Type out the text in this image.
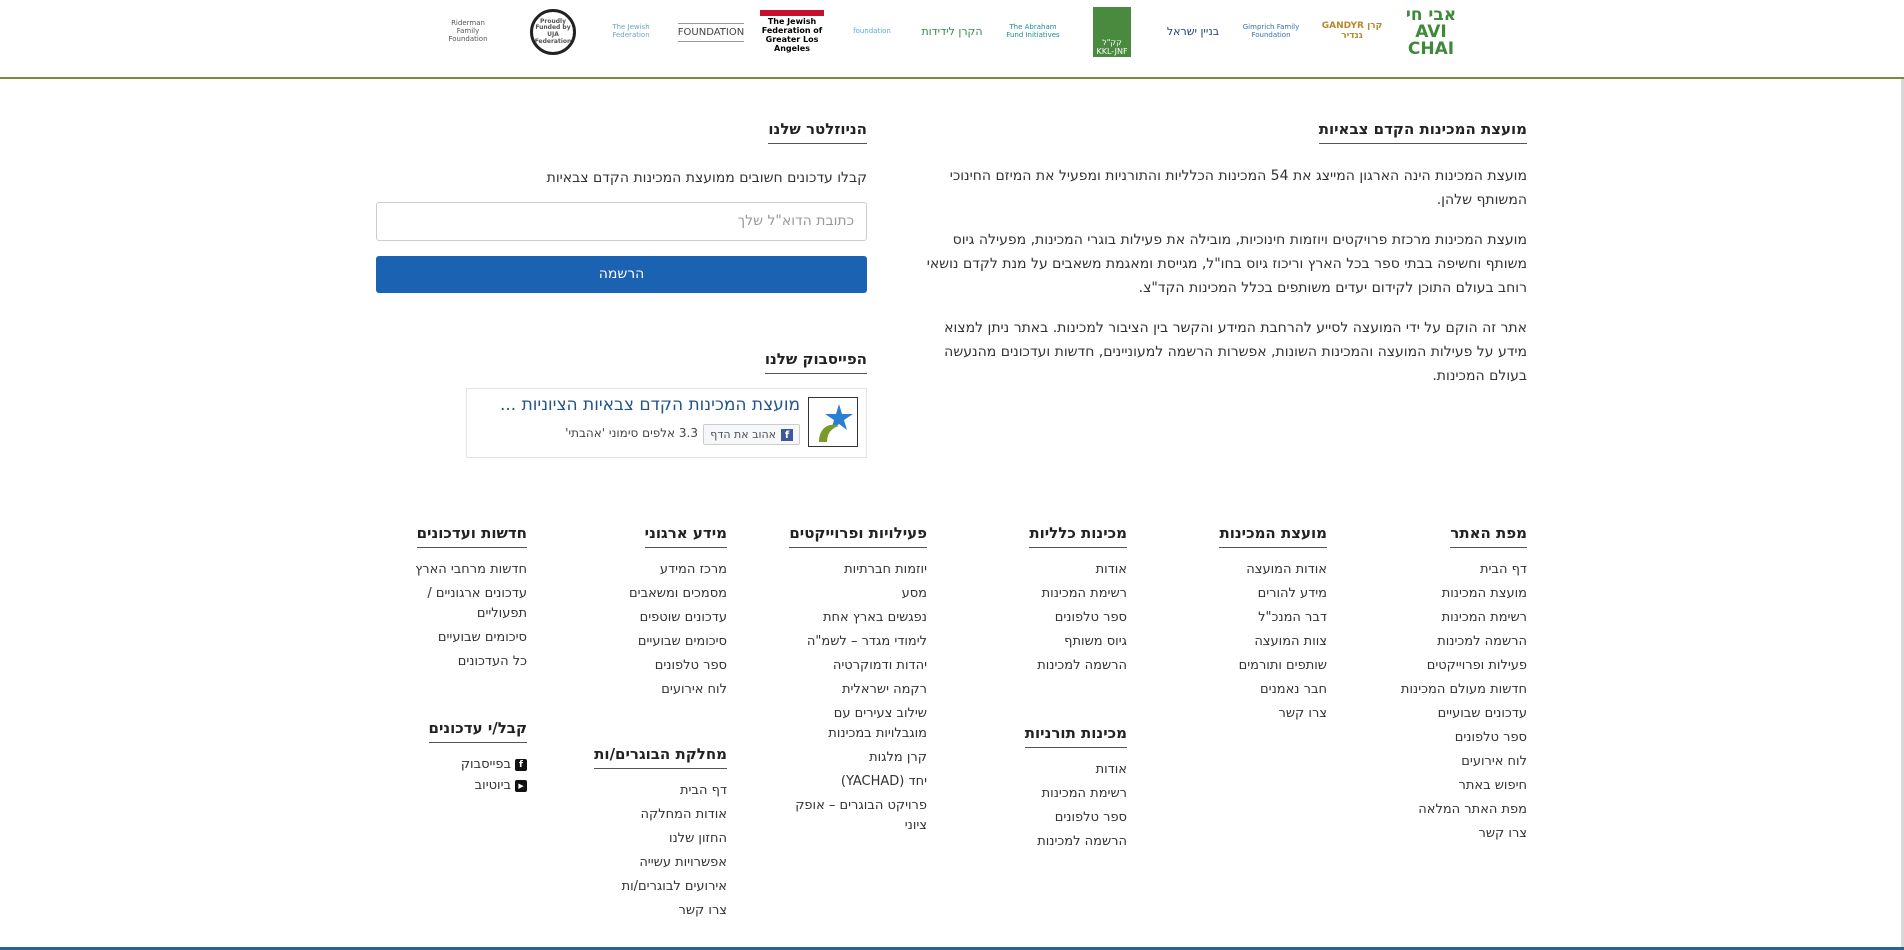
אבי חי AVI CHAI
GANDYR קרן גנדיר
Gimprich Family Foundation
בניין ישראל
קק"ל KKL-JNF
The Abraham Fund Initiatives
הקרן לידידות
foundation
The Jewish Federation of Greater Los Angeles
FOUNDATION
The Jewish Federation
Proudly Funded by UJA Federation
Riderman Family Foundation
מועצת המכינות הקדם צבאיות

מועצת המכינות הינה הארגון המייצג את 54 המכינות הכלליות והתורניות ומפעיל את המיזם החינוכי המשותף שלהן.

מועצת המכינות מרכזת פרויקטים ויוזמות חינוכיות, מובילה את פעילות בוגרי המכינות, מפעילה גיוס משותף וחשיפה בבתי ספר בכל הארץ וריכוז גיוס בחו"ל, מגייסת ומאגמת משאבים על מנת לקדם נושאי רוחב בעולם התוכן לקידום יעדים משותפים בכלל המכינות הקד"צ.

אתר זה הוקם על ידי המועצה לסייע להרחבת המידע והקשר בין הציבור למכינות. באתר ניתן למצוא מידע על פעילות המועצה והמכינות השונות, אפשרות הרשמה למעוניינים, חדשות ועדכונים מהנעשה בעולם המכינות.

הניוזלטר שלנו

קבלו עדכונים חשובים ממועצת המכינות הקדם צבאיות

כתובת הדוא"ל שלך
הרשמה
הפייסבוק שלנו
מועצת המכינות הקדם צבאיות הציוניות ...
f
אהוב את הדף
3.3 אלפים סימוני 'אהבתי'
מפת האתר
דף הבית
מועצת המכינות
רשימת המכינות
הרשמה למכינות
פעילות ופרוייקטים
חדשות מעולם המכינות
עדכונים שבועיים
ספר טלפונים
לוח אירועים
חיפוש באתר
מפת האתר המלאה
צרו קשר
מועצת המכינות
אודות המועצה
מידע להורים
דבר המנכ"ל
צוות המועצה
שותפים ותורמים
חבר נאמנים
צרו קשר
מכינות כלליות
אודות
רשימת המכינות
ספר טלפונים
גיוס משותף
הרשמה למכינות
מכינות תורניות
אודות
רשימת המכינות
ספר טלפונים
הרשמה למכינות
פעילויות ופרוייקטים
יוזמות חברתיות
מסע
נפגשים בארץ אחת
לימודי מגדר – לשמ"ה
יהדות ודמוקרטיה
רקמה ישראלית
שילוב צעירים עם מוגבלויות במכינות
קרן מלגות
יחד (YACHAD)
פרויקט הבוגרים – אופק ציוני
מידע ארגוני
מרכז המידע
מסמכים ומשאבים
עדכונים שוטפים
סיכומים שבועיים
ספר טלפונים
לוח אירועים
מחלקת הבוגרים/ות
דף הבית
אודות המחלקה
החזון שלנו
אפשרויות עשייה
אירועים לבוגרים/ות
צרו קשר
חדשות ועדכונים
חדשות מרחבי הארץ
עדכונים ארגוניים / תפעוליים
סיכומים שבועיים
כל העדכונים
קבל/י עדכונים
f
בפייסבוק
▶
ביוטיוב
